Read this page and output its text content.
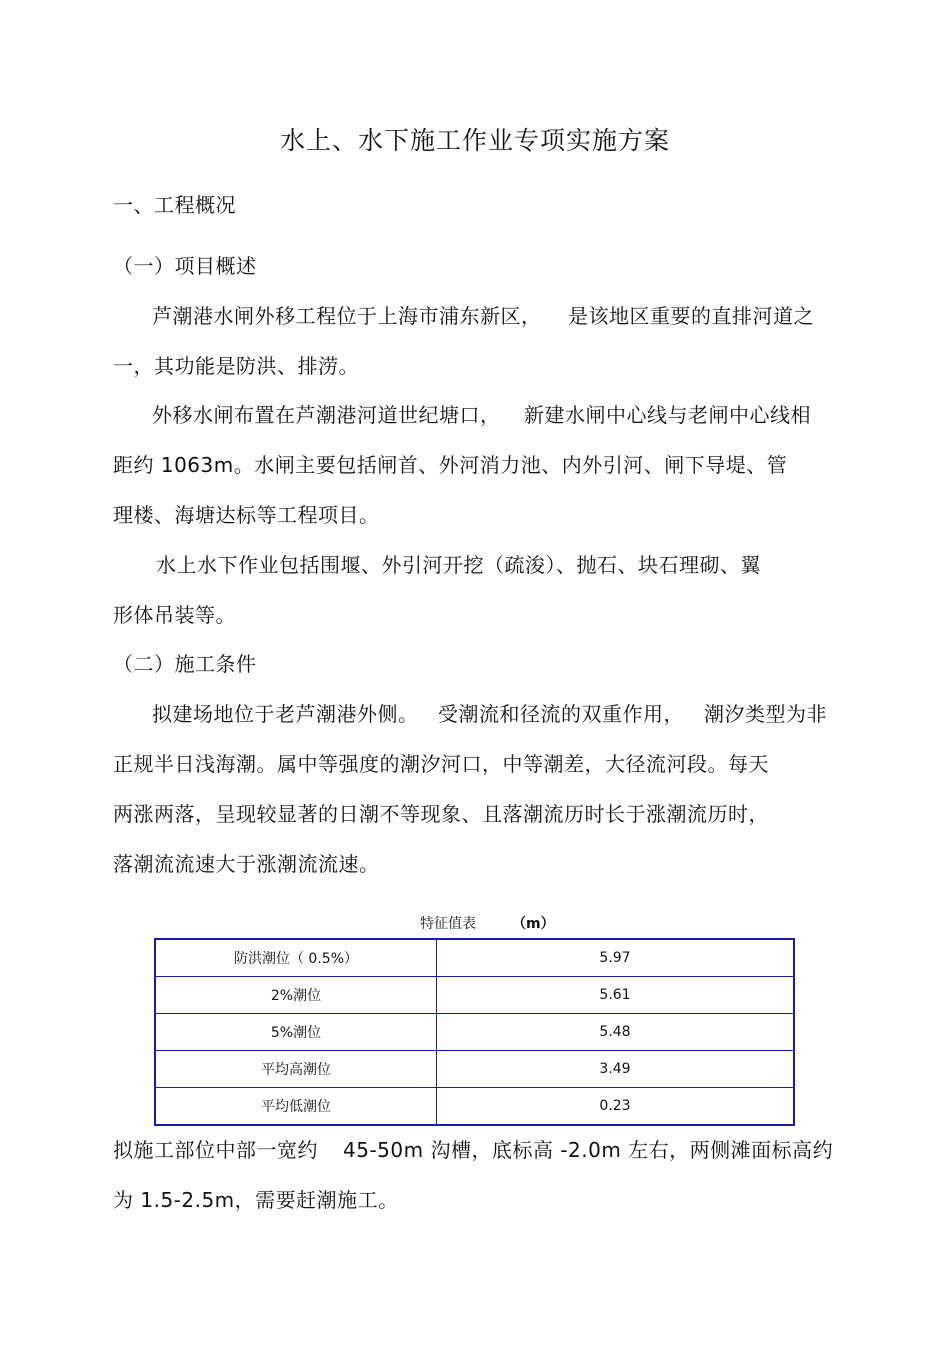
水上、水下施工作业专项实施方案
一、工程概况
（一）项目概述
芦潮港水闸外移工程位于上海市浦东新区， 是该地区重要的直排河道之
一，其功能是防洪、排涝。
外移水闸布置在芦潮港河道世纪塘口， 新建水闸中心线与老闸中心线相
距约 1063m。水闸主要包括闸首、外河消力池、内外引河、闸下导堤、管
理楼、海塘达标等工程项目。
水上水下作业包括围堰、外引河开挖（疏浚）、抛石、块石理砌、翼
形体吊装等。
（二）施工条件
拟建场地位于老芦潮港外侧。 受潮流和径流的双重作用， 潮汐类型为非
正规半日浅海潮。属中等强度的潮汐河口，中等潮差，大径流河段。每天
两涨两落，呈现较显著的日潮不等现象、且落潮流历时长于涨潮流历时，
落潮流流速大于涨潮流流速。
特征值表	（m）
防洪潮位（ 0.5%）	5.97
2%潮位	5.61
5%潮位	5.48
平均高潮位	3.49
平均低潮位	0.23
拟施工部位中部一宽约 45-50m 沟槽，底标高 -2.0m 左右，两侧滩面标高约
为 1.5-2.5m，需要赶潮施工。
